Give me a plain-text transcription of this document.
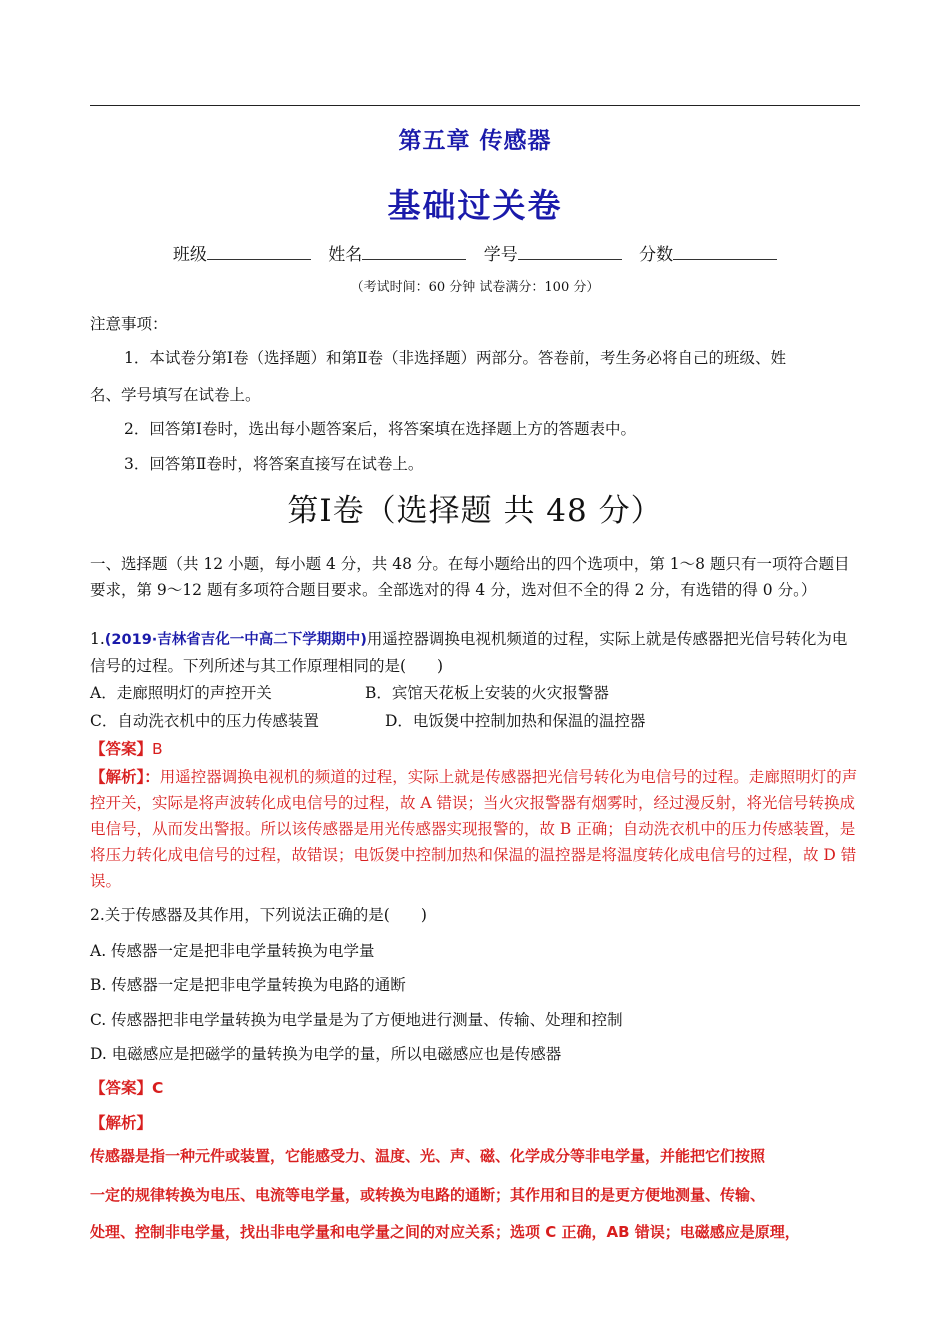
第五章 传感器
基础过关卷
班级	姓名	学号	分数
（考试时间：60 分钟 试卷满分：100 分）
注意事项：
1．本试卷分第Ⅰ卷（选择题）和第Ⅱ卷（非选择题）两部分。答卷前，考生务必将自己的班级、姓
名、学号填写在试卷上。
2．回答第Ⅰ卷时，选出每小题答案后，将答案填在选择题上方的答题表中。
3．回答第Ⅱ卷时，将答案直接写在试卷上。
第Ⅰ卷（选择题 共 48 分）
一、选择题（共 12 小题，每小题 4 分，共 48 分。在每小题给出的四个选项中，第 1～8 题只有一项符合题目要求，第 9～12 题有多项符合题目要求。全部选对的得 4 分，选对但不全的得 2 分，有选错的得 0 分。）
1.(2019·吉林省吉化一中高二下学期期中)用遥控器调换电视机频道的过程，实际上就是传感器把光信号转化为电信号的过程。下列所述与其工作原理相同的是(　　)
A．走廊照明灯的声控开关	B．宾馆天花板上安装的火灾报警器
C．自动洗衣机中的压力传感装置	D．电饭煲中控制加热和保温的温控器
【答案】B
【解析】：用遥控器调换电视机的频道的过程，实际上就是传感器把光信号转化为电信号的过程。走廊照明灯的声控开关，实际是将声波转化成电信号的过程，故 A 错误；当火灾报警器有烟雾时，经过漫反射，将光信号转换成电信号，从而发出警报。所以该传感器是用光传感器实现报警的，故 B 正确；自动洗衣机中的压力传感装置，是将压力转化成电信号的过程，故错误；电饭煲中控制加热和保温的温控器是将温度转化成电信号的过程，故 D 错误。
2.关于传感器及其作用，下列说法正确的是(　　)
A. 传感器一定是把非电学量转换为电学量
B. 传感器一定是把非电学量转换为电路的通断
C. 传感器把非电学量转换为电学量是为了方便地进行测量、传输、处理和控制
D. 电磁感应是把磁学的量转换为电学的量，所以电磁感应也是传感器
【答案】C
【解析】
传感器是指一种元件或装置，它能感受力、温度、光、声、磁、化学成分等非电学量，并能把它们按照
一定的规律转换为电压、电流等电学量，或转换为电路的通断；其作用和目的是更方便地测量、传输、
处理、控制非电学量，找出非电学量和电学量之间的对应关系；选项 C 正确，AB 错误；电磁感应是原理，
